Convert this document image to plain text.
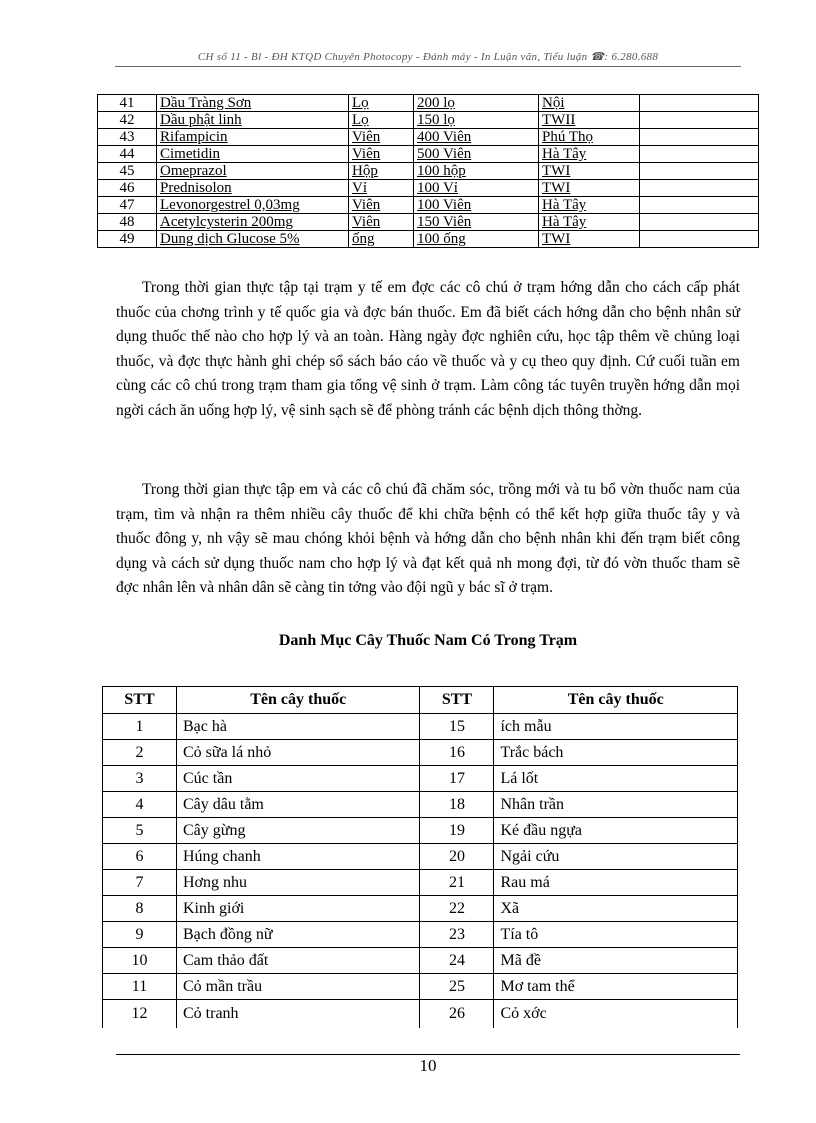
CH số 11 - Bl - ĐH KTQD Chuyên Photocopy - Đánh máy - In Luận văn, Tiểu luận ☎: 6.280.688
41	Dầu Tràng Sơn	Lọ	200 lọ	Nội	
42	Dầu phật linh	Lọ	150 lọ	TWII	
43	Rifampicin	Viên	400 Viên	Phú Thọ	
44	Cimetidin	Viên	500 Viên	Hà Tây	
45	Omeprazol	Hộp	100 hộp	TWI	
46	Prednisolon	Vỉ	100 Vỉ	TWI	
47	Levonorgestrel 0,03mg	Viên	100 Viên	Hà Tây	
48	Acetylcysterin 200mg	Viên	150 Viên	Hà Tây	
49	Dung dịch Glucose 5%	ống	100 ống	TWI	

Trong thời gian thực tập tại trạm y tế em đợc các cô chú ở trạm hớng dẫn cho cách cấp phát thuốc của chơng trình y tế quốc gia và đợc bán thuốc. Em đã biết cách hớng dẫn cho bệnh nhân sử dụng thuốc thế nào cho hợp lý và an toàn. Hàng ngày đợc nghiên cứu, học tập thêm về chủng loại thuốc, và đợc thực hành ghi chép sổ sách báo cáo về thuốc và y cụ theo quy định. Cứ cuối tuần em cùng các cô chú trong trạm tham gia tổng vệ sinh ở trạm. Làm công tác tuyên truyền hớng dẫn mọi ngời cách ăn uống hợp lý, vệ sinh sạch sẽ để phòng tránh các bệnh dịch thông thờng.

Trong thời gian thực tập em và các cô chú đã chăm sóc, trồng mới và tu bổ vờn thuốc nam của trạm, tìm và nhận ra thêm nhiều cây thuốc để khi chữa bệnh có thể kết hợp giữa thuốc tây y và thuốc đông y, nh vậy sẽ mau chóng khỏi bệnh và hớng dẫn cho bệnh nhân khi đến trạm biết công dụng và cách sử dụng thuốc nam cho hợp lý và đạt kết quả nh mong đợi, từ đó vờn thuốc tham sẽ đợc nhân lên và nhân dân sẽ càng tin tởng vào đội ngũ y bác sĩ ở trạm.

Danh Mục Cây Thuốc Nam Có Trong Trạm
STT	Tên cây thuốc	STT	Tên cây thuốc
1	Bạc hà	15	ích mẫu
2	Cỏ sữa lá nhỏ	16	Trắc bách
3	Cúc tần	17	Lá lốt
4	Cây dâu tằm	18	Nhân trần
5	Cây gừng	19	Ké đầu ngựa
6	Húng chanh	20	Ngải cứu
7	Hơng nhu	21	Rau má
8	Kinh giới	22	Xã
9	Bạch đồng nữ	23	Tía tô
10	Cam thảo đất	24	Mã đề
11	Cỏ mần trầu	25	Mơ tam thể
12	Cỏ tranh	26	Cỏ xớc
10
